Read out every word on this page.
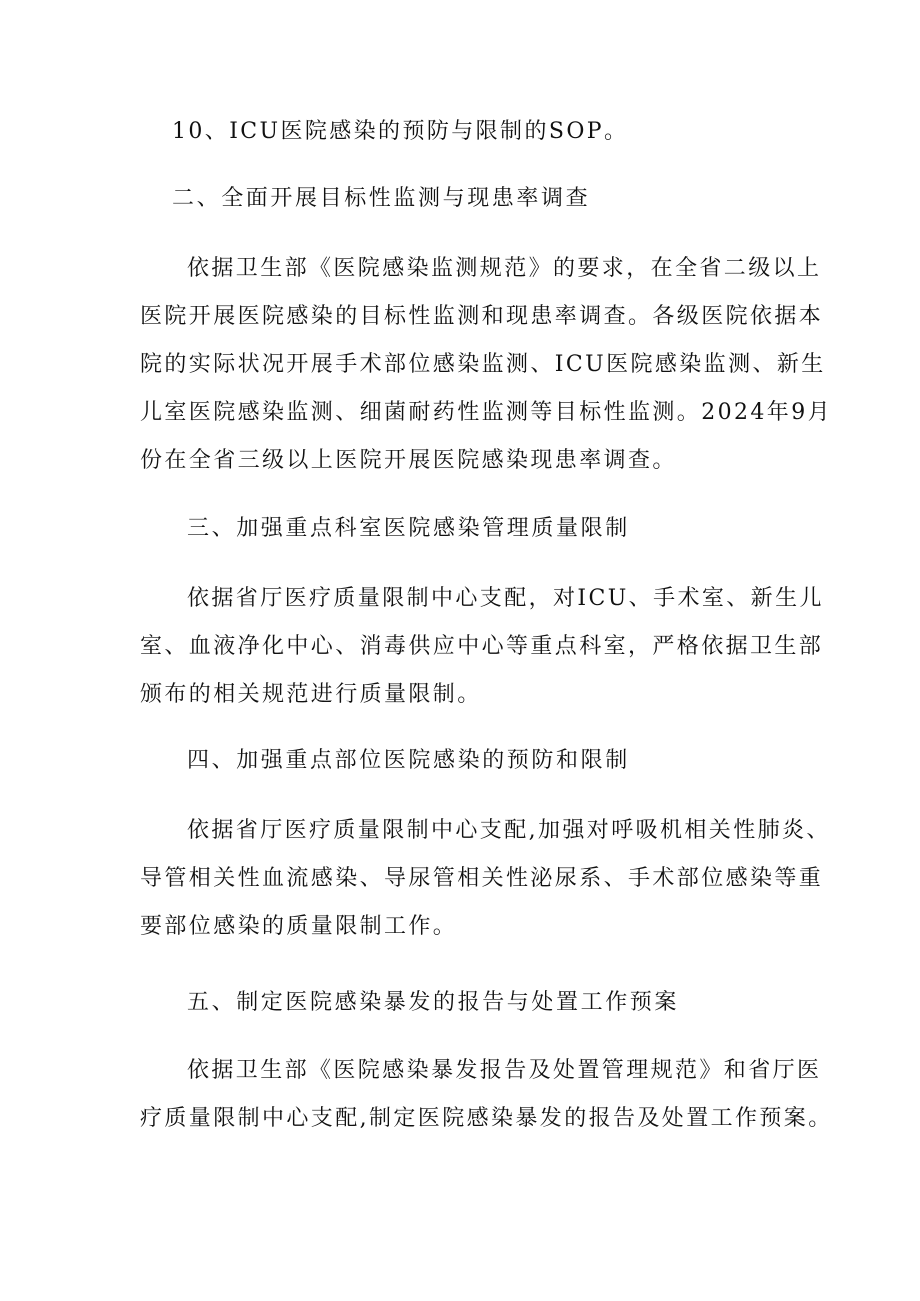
10、ICU医院感染的预防与限制的SOP。
二、全面开展目标性监测与现患率调查
依据卫生部《医院感染监测规范》的要求，在全省二级以上
医院开展医院感染的目标性监测和现患率调查。各级医院依据本
院的实际状况开展手术部位感染监测、ICU医院感染监测、新生
儿室医院感染监测、细菌耐药性监测等目标性监测。2024年9月
份在全省三级以上医院开展医院感染现患率调查。
三、加强重点科室医院感染管理质量限制
依据省厅医疗质量限制中心支配，对ICU、手术室、新生儿
室、血液净化中心、消毒供应中心等重点科室，严格依据卫生部
颁布的相关规范进行质量限制。
四、加强重点部位医院感染的预防和限制
依据省厅医疗质量限制中心支配,加强对呼吸机相关性肺炎、
导管相关性血流感染、导尿管相关性泌尿系、手术部位感染等重
要部位感染的质量限制工作。
五、制定医院感染暴发的报告与处置工作预案
依据卫生部《医院感染暴发报告及处置管理规范》和省厅医
疗质量限制中心支配,制定医院感染暴发的报告及处置工作预案。
